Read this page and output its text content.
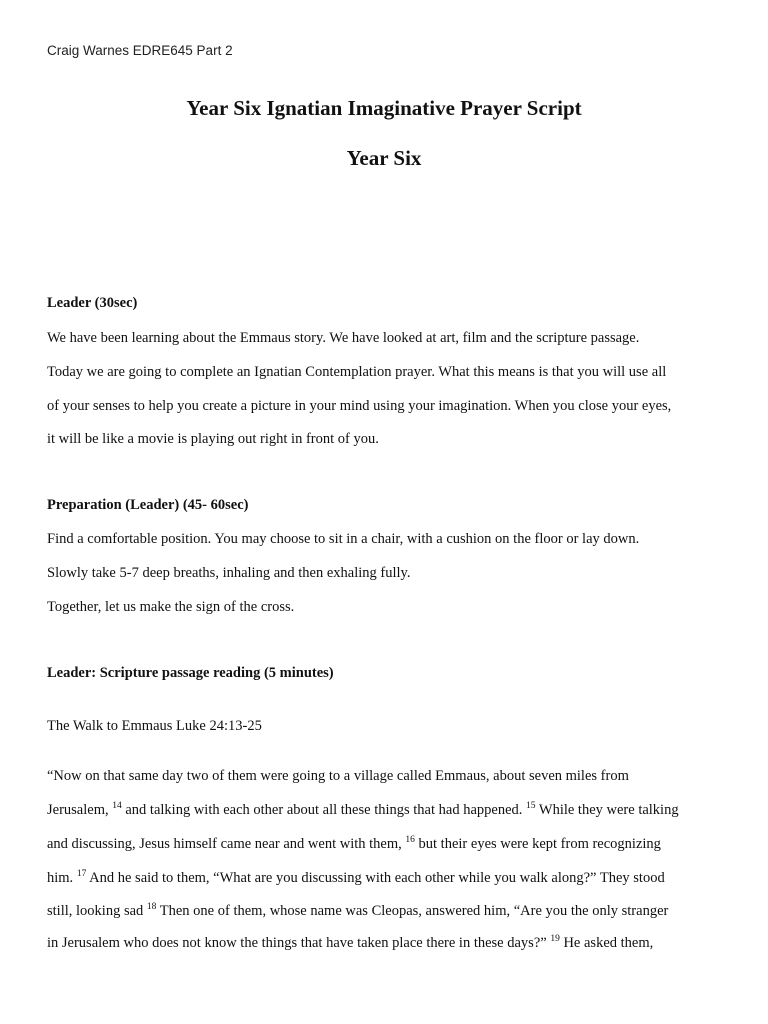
Craig Warnes EDRE645 Part 2
Year Six Ignatian Imaginative Prayer Script
Year Six
Leader (30sec)
We have been learning about the Emmaus story. We have looked at art, film and the scripture passage.
Today we are going to complete an Ignatian Contemplation prayer. What this means is that you will use all
of your senses to help you create a picture in your mind using your imagination. When you close your eyes,
it will be like a movie is playing out right in front of you.
Preparation (Leader) (45- 60sec)
Find a comfortable position. You may choose to sit in a chair, with a cushion on the floor or lay down.
Slowly take 5-7 deep breaths, inhaling and then exhaling fully.
Together, let us make the sign of the cross.
Leader: Scripture passage reading (5 minutes)
The Walk to Emmaus Luke 24:13-25
“Now on that same day two of them were going to a village called Emmaus, about seven miles from
Jerusalem, $^{14}$ and talking with each other about all these things that had happened. $^{15}$ While they were talking
and discussing, Jesus himself came near and went with them, $^{16}$ but their eyes were kept from recognizing
him. $^{17}$ And he said to them, “What are you discussing with each other while you walk along?” They stood
still, looking sad $^{18}$ Then one of them, whose name was Cleopas, answered him, “Are you the only stranger
in Jerusalem who does not know the things that have taken place there in these days?” $^{19}$ He asked them,
